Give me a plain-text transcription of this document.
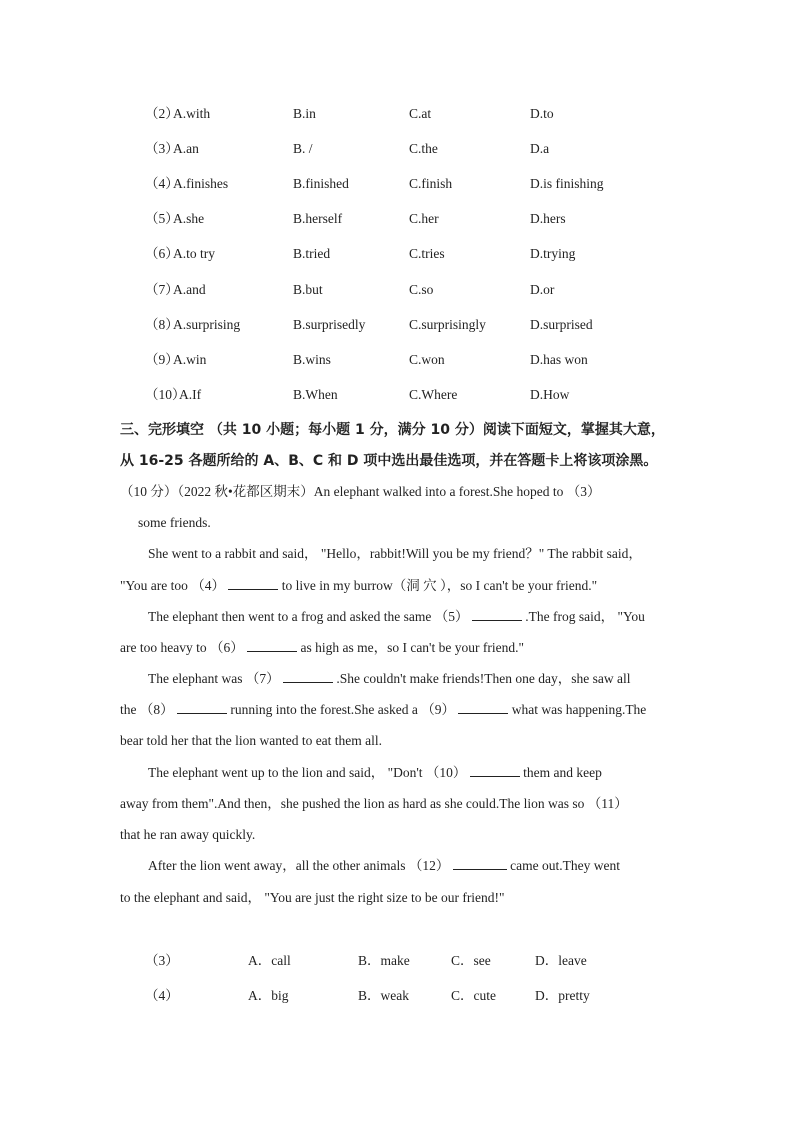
（2）
A.with	B.in	C.at	D.to
（3）
A.an	B. /	C.the	D.a
（4）
A.finishes	B.finished	C.finish	D.is finishing
（5）
A.she	B.herself	C.her	D.hers
（6）
A.to try	B.tried	C.tries	D.trying
（7）
A.and	B.but	C.so	D.or
（8）
A.surprising	B.surprisedly	C.surprisingly	D.surprised
（9）
A.win	B.wins	C.won	D.has won
（10）
A.If	B.When	C.Where	D.How
三、完形填空 （共 10 小题；每小题 1 分，满分 10 分）阅读下面短文，掌握其大意，
从 16-25 各题所给的 A、B、C 和 D 项中选出最佳选项，并在答题卡上将该项涂黑。
（10 分）（2022 秋•花都区期末）An elephant walked into a forest.She hoped to （3）
some friends.
She went to a rabbit and said， "Hello，rabbit!Will you be my friend？" The rabbit said，
"You are too （4）	to live in my burrow（洞 穴 ），so I can't be your friend."
The elephant then went to a frog and asked the same （5）	.The frog said， "You
are too heavy to （6）	as high as me，so I can't be your friend."
The elephant was （7）	.She couldn't make friends!Then one day，she saw all
the （8）	running into the forest.She asked a （9）	what was happening.The
bear told her that the lion wanted to eat them all.
The elephant went up to the lion and said， "Don't （10）	them and keep
away from them".And then，she pushed the lion as hard as she could.The lion was so （11）
that he ran away quickly.
After the lion went away，all the other animals （12）	came out.They went
to the elephant and said， "You are just the right size to be our friend!"
（3）	A．call	B．make	C．see	D．leave
（4）	A．big	B．weak	C．cute	D．pretty
